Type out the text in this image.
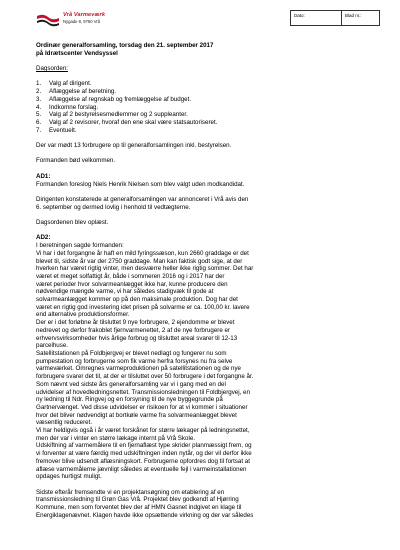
Vrå Varmeværk
Nygade 8, 9760 Vrå
Dato:	Blad nr.:

Ordinær generalforsamling, torsdag den 21. september 2017

på Idrætscenter Vendsyssel

Dagsorden:

1.	Valg af dirigent.
2.	Aflæggelse af beretning.
3.	Aflæggelse af regnskab og fremlæggelse af budget.
4.	Indkomne forslag.
5.	Valg af 2 bestyrelsesmedlemmer og 2 suppleanter.
6.	Valg af 2 revisorer, hvoraf den ene skal være statsautoriseret.
7.	Eventuelt.

Der var mødt 13 forbrugere op til generalforsamlingen inkl. bestyrelsen.

Formanden bød velkommen.

AD1:

Formanden foreslog Niels Henrik Nielsen som blev valgt uden modkandidat.

Dirigenten konstaterede at generalforsamlingen var annonceret i Vrå avis den
6. september og dermed lovlig i henhold til vedtægterne.

Dagsordenen blev oplæst.

AD2:

I beretningen sagde formanden:

Vi har i det forgangne år haft en mild fyringssæson, kun 2660 graddage er det
blevet til, sidste år var der 2750 graddage. Man kan faktisk godt sige, at der
hverken har været rigtig vinter, men desværre heller ikke rigtig sommer. Det har
været et meget solfattigt år, både i sommeren 2016 og i 2017 har der
været perioder hvor solvarmeanlægget ikke har, kunne producere den
nødvendige mængde varme, vi har således stadigvæk til gode at
solvarmeanlægget kommer op på den maksimale produktion. Dog har det
været en rigtig god investering idet prisen på solvarme er ca. 100,00 kr. lavere
end alternative produktionsformer.
Der er i det forløbne år tilsluttet 9 nye forbrugere, 2 ejendomme er blevet
nedrevet og derfor frakoblet fjernvarmenettet, 2 af de nye forbrugere er
erhvervsvirksomheder hvis årlige forbrug og tilsluttet areal svarer til 12-13
parcelhuse.
Satellitstationen på Foldbjergvej er blevet nedlagt og fungerer nu som
pumpestation og forbrugerne som fik varme herfra forsynes nu fra selve
varmeværket. Omregnes varmeproduktionen på satellitstationen og de nye
forbrugere svarer det til, at der er tilsluttet over 50 forbrugere i det forgangne år.
Som nævnt ved sidste års generalforsamling var vi i gang med en del
udvidelser af hovedledningsnettet. Transmissionsledningen til Foldbjergvej, en
ny ledning til Ndr. Ringvej og en forsyning til de nye byggegrunde på
Gartnervænget. Ved disse udvidelser er risikoen for at vi kommer i situationer
hvor det bliver nødvendigt at bortkøle varme fra solvarmeanlægget blevet
væsentlig reduceret.
Vi har heldigvis også i år været forskånet for større lækager på ledningsnettet,
men der var i vinter en større lækage internt på Vrå Skole.
Udskiftning af varmemålere til en fjernaflæst type skrider planmæssigt frem, og
vi forventer at være færdig med udskiftningen inden nytår, og der vil derfor ikke
fremover blive udsendt aflæsningskort. Forbrugerne opfordres dog til fortsat at
aflæse varmemålerne jævnligt således at eventuelle fejl i varmeinstallationen
opdages hurtigst muligt.
Sidste efterår fremsendte vi en projektansøgning om etablering af en
transmissionsledning til Grøn Gas Vrå. Projektet blev godkendt af Hjørring
Kommune, men som forventet blev der af HMN Gasnet indgivet en klage til
Energiklagenævnet. Klagen havde ikke opsættende virkning og der var således
